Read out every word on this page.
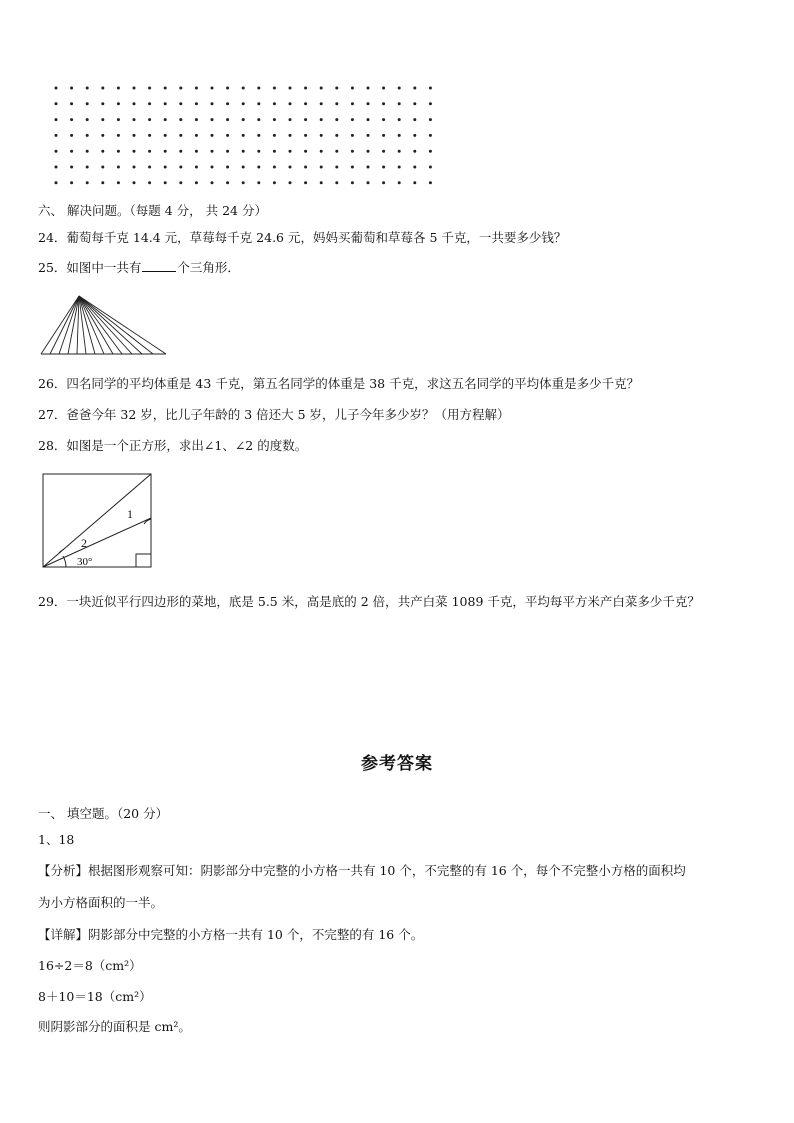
六、 解决问题。（每题 4 分， 共 24 分）
24．葡萄每千克 14.4 元，草莓每千克 24.6 元，妈妈买葡萄和草莓各 5 千克，一共要多少钱？
25．如图中一共有	个三角形．
26．四名同学的平均体重是 43 千克，第五名同学的体重是 38 千克，求这五名同学的平均体重是多少千克？
27．爸爸今年 32 岁，比儿子年龄的 3 倍还大 5 岁，儿子今年多少岁？（用方程解）
28．如图是一个正方形，求出∠1、∠2 的度数。
1
2
30°
29．一块近似平行四边形的菜地，底是 5.5 米，高是底的 2 倍，共产白菜 1089 千克，平均每平方米产白菜多少千克？
参考答案
一、 填空题。（20 分）
1、18
【分析】根据图形观察可知：阴影部分中完整的小方格一共有 10 个，不完整的有 16 个，每个不完整小方格的面积均
为小方格面积的一半。
【详解】阴影部分中完整的小方格一共有 10 个，不完整的有 16 个。
16÷2＝8（cm²）
8＋10＝18（cm²）
则阴影部分的面积是 cm²。
